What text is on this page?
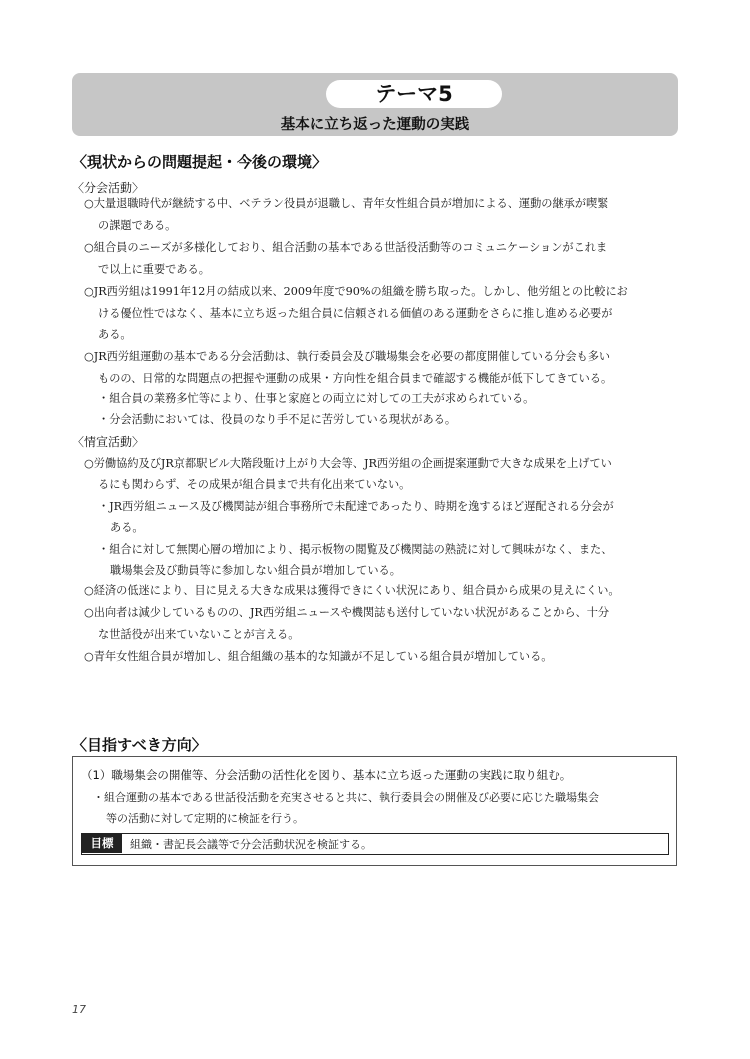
テーマ5
基本に立ち返った運動の実践
〈現状からの問題提起・今後の環境〉
〈分会活動〉
○大量退職時代が継続する中、ベテラン役員が退職し、青年女性組合員が増加による、運動の継承が喫緊
の課題である。
○組合員のニーズが多様化しており、組合活動の基本である世話役活動等のコミュニケーションがこれま
で以上に重要である。
○JR西労組は1991年12月の結成以来、2009年度で90%の組織を勝ち取った。しかし、他労組との比較にお
ける優位性ではなく、基本に立ち返った組合員に信頼される価値のある運動をさらに推し進める必要が
ある。
○JR西労組運動の基本である分会活動は、執行委員会及び職場集会を必要の都度開催している分会も多い
ものの、日常的な問題点の把握や運動の成果・方向性を組合員まで確認する機能が低下してきている。
・組合員の業務多忙等により、仕事と家庭との両立に対しての工夫が求められている。
・分会活動においては、役員のなり手不足に苦労している現状がある。
〈情宣活動〉
○労働協約及びJR京都駅ビル大階段駈け上がり大会等、JR西労組の企画提案運動で大きな成果を上げてい
るにも関わらず、その成果が組合員まで共有化出来ていない。
・JR西労組ニュース及び機関誌が組合事務所で未配達であったり、時期を逸するほど遅配される分会が
ある。
・組合に対して無関心層の増加により、掲示板物の閲覧及び機関誌の熟読に対して興味がなく、また、
職場集会及び動員等に参加しない組合員が増加している。
○経済の低迷により、目に見える大きな成果は獲得できにくい状況にあり、組合員から成果の見えにくい。
○出向者は減少しているものの、JR西労組ニュースや機関誌も送付していない状況があることから、十分
な世話役が出来ていないことが言える。
○青年女性組合員が増加し、組合組織の基本的な知識が不足している組合員が増加している。
〈目指すべき方向〉
（1）職場集会の開催等、分会活動の活性化を図り、基本に立ち返った運動の実践に取り組む。
・組合運動の基本である世話役活動を充実させると共に、執行委員会の開催及び必要に応じた職場集会
等の活動に対して定期的に検証を行う。
目標	組織・書記長会議等で分会活動状況を検証する。
17
